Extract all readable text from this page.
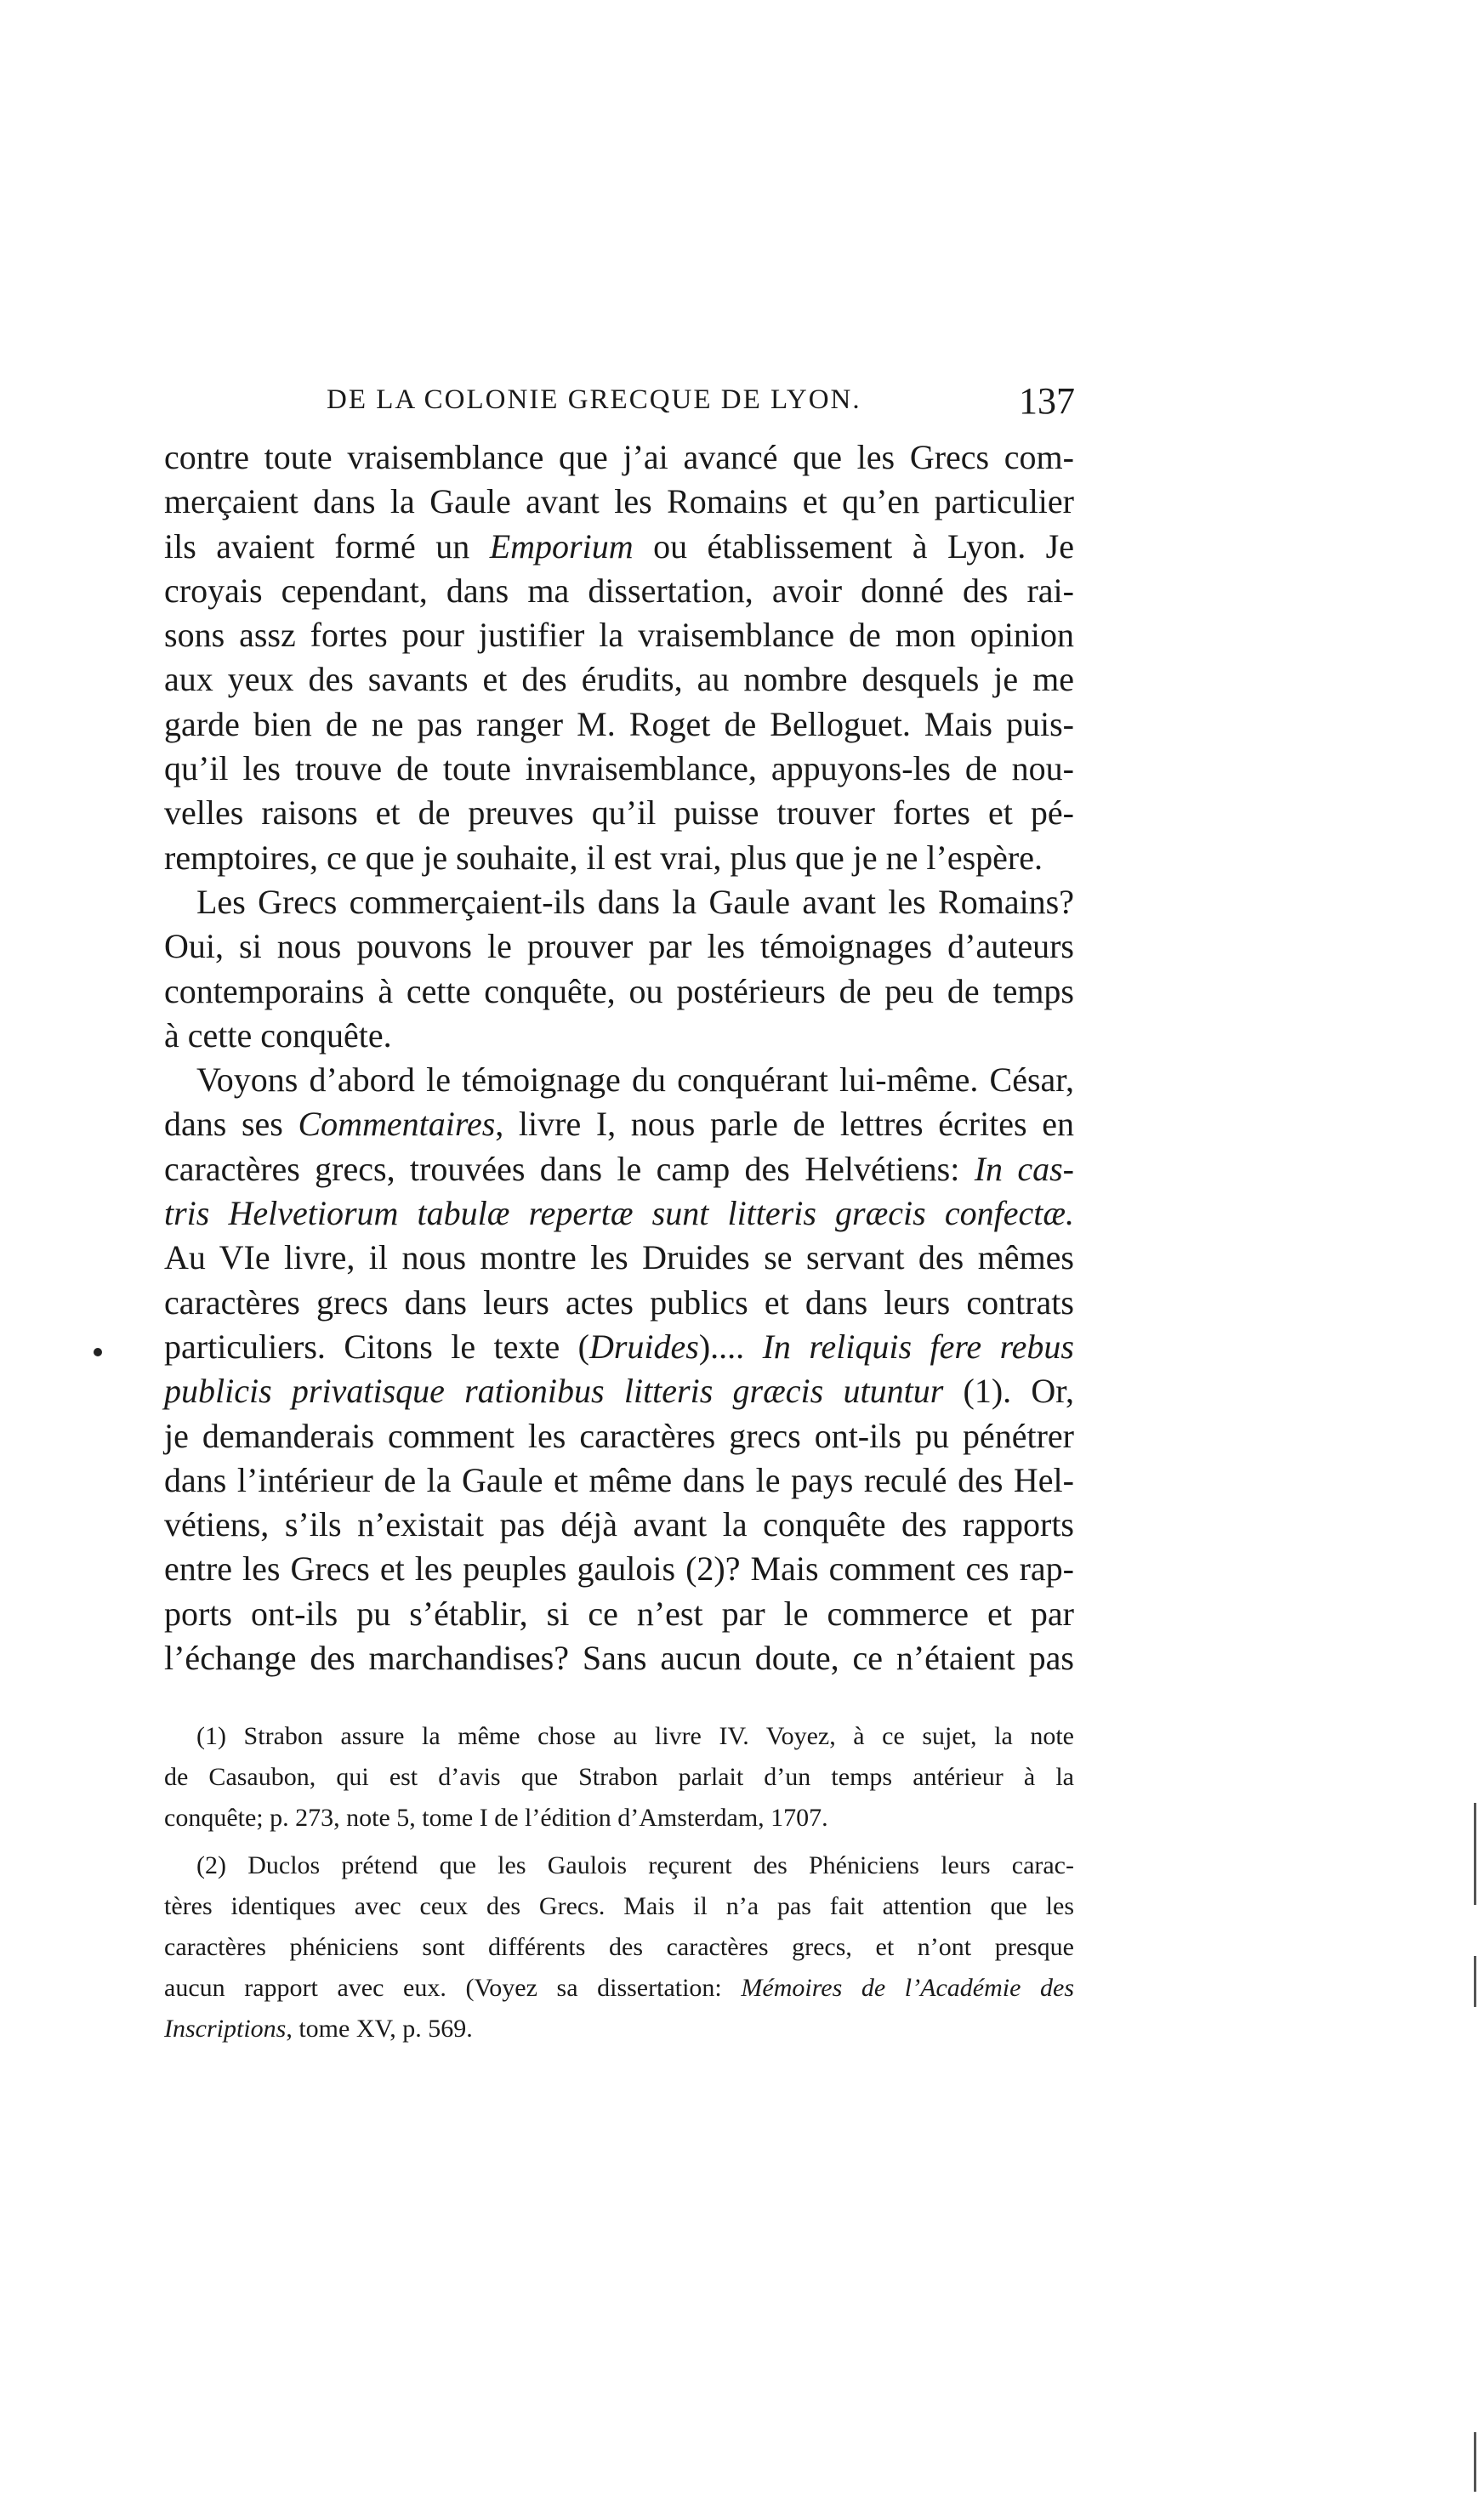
DE LA COLONIE GRECQUE DE LYON.	137
contre toute vraisemblance que j’ai avancé que les Grecs com-
merçaient dans la Gaule avant les Romains et qu’en particulier
ils avaient formé un Emporium ou établissement à Lyon. Je
croyais cependant, dans ma dissertation, avoir donné des rai-
sons assz fortes pour justifier la vraisemblance de mon opinion
aux yeux des savants et des érudits, au nombre desquels je me
garde bien de ne pas ranger M. Roget de Belloguet. Mais puis-
qu’il les trouve de toute invraisemblance, appuyons-les de nou-
velles raisons et de preuves qu’il puisse trouver fortes et pé-
remptoires, ce que je souhaite, il est vrai, plus que je ne l’espère.
Les Grecs commerçaient-ils dans la Gaule avant les Romains?
Oui, si nous pouvons le prouver par les témoignages d’auteurs
contemporains à cette conquête, ou postérieurs de peu de temps
à cette conquête.
Voyons d’abord le témoignage du conquérant lui-même. César,
dans ses Commentaires, livre I, nous parle de lettres écrites en
caractères grecs, trouvées dans le camp des Helvétiens: In cas-
tris Helvetiorum tabulæ repertæ sunt litteris græcis confectæ.
Au VIe livre, il nous montre les Druides se servant des mêmes
caractères grecs dans leurs actes publics et dans leurs contrats
particuliers. Citons le texte (Druides).... In reliquis fere rebus
publicis privatisque rationibus litteris græcis utuntur (1). Or,
je demanderais comment les caractères grecs ont-ils pu pénétrer
dans l’intérieur de la Gaule et même dans le pays reculé des Hel-
vétiens, s’ils n’existait pas déjà avant la conquête des rapports
entre les Grecs et les peuples gaulois (2)? Mais comment ces rap-
ports ont-ils pu s’établir, si ce n’est par le commerce et par
l’échange des marchandises? Sans aucun doute, ce n’étaient pas
(1) Strabon assure la même chose au livre IV. Voyez, à ce sujet, la note
de Casaubon, qui est d’avis que Strabon parlait d’un temps antérieur à la
conquête; p. 273, note 5, tome I de l’édition d’Amsterdam, 1707.
(2) Duclos prétend que les Gaulois reçurent des Phéniciens leurs carac-
tères identiques avec ceux des Grecs. Mais il n’a pas fait attention que les
caractères phéniciens sont différents des caractères grecs, et n’ont presque
aucun rapport avec eux. (Voyez sa dissertation: Mémoires de l’Académie des
Inscriptions, tome XV, p. 569.
